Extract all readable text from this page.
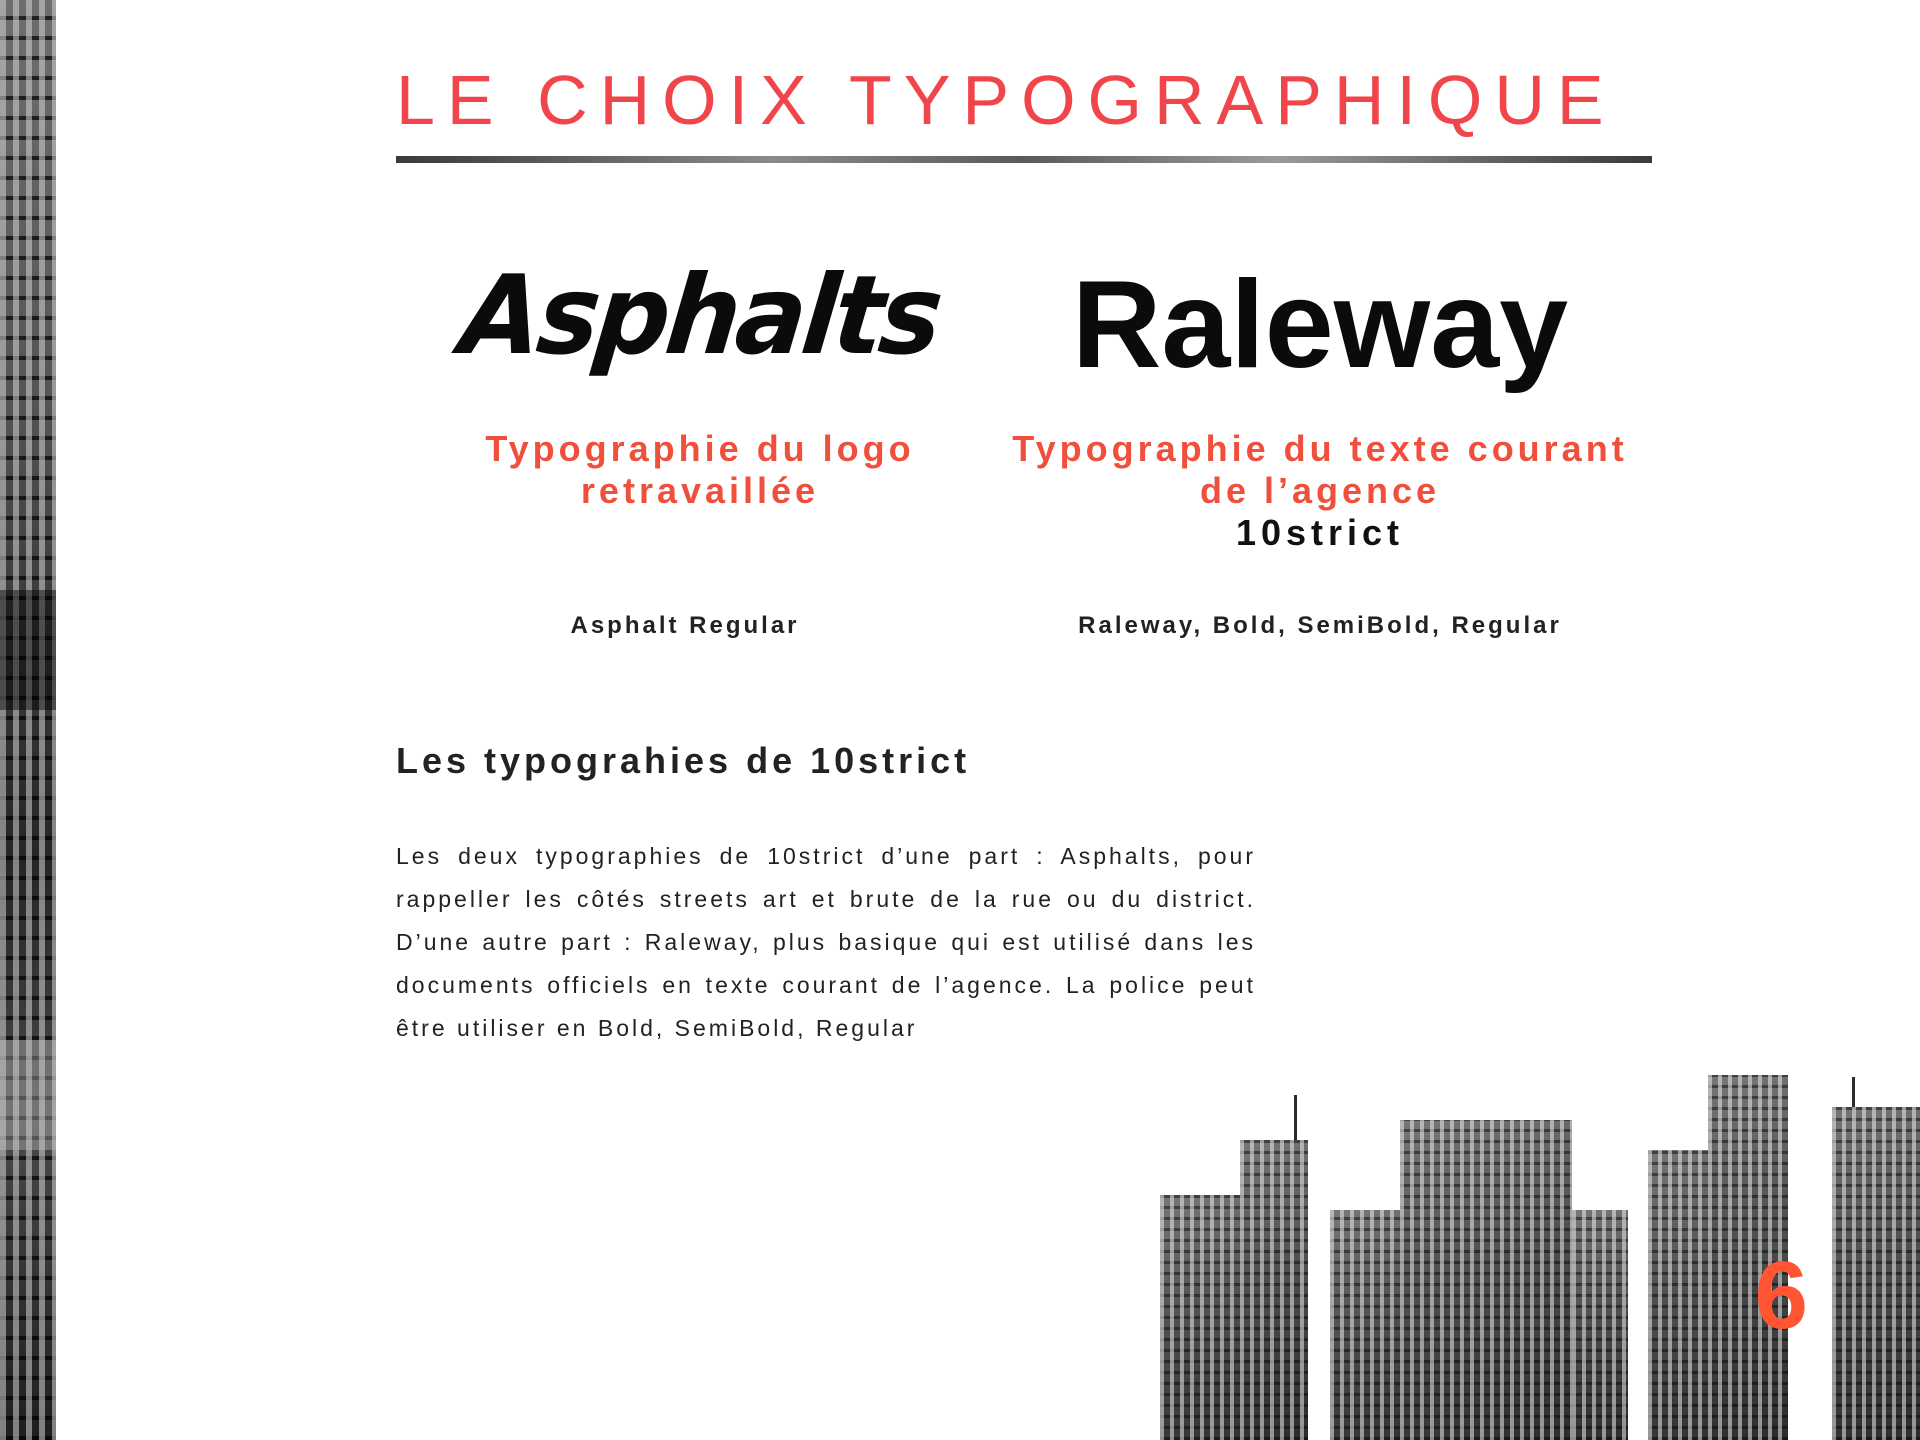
LE CHOIX TYPOGRAPHIQUE
Asphalts	Raleway

Typographie du logo retravaillée

Typographie du texte courant de l’agence
10strict

Asphalt Regular	Raleway, Bold, SemiBold, Regular

Les typograhies de 10strict

Les deux typographies de 10strict d’une part : Asphalts, pour rappeller les côtés streets art et brute de la rue ou du district. D’une autre part : Raleway, plus basique qui est utilisé dans les documents officiels en texte courant de l’agence. La police peut être utiliser en Bold, SemiBold, Regular

6
